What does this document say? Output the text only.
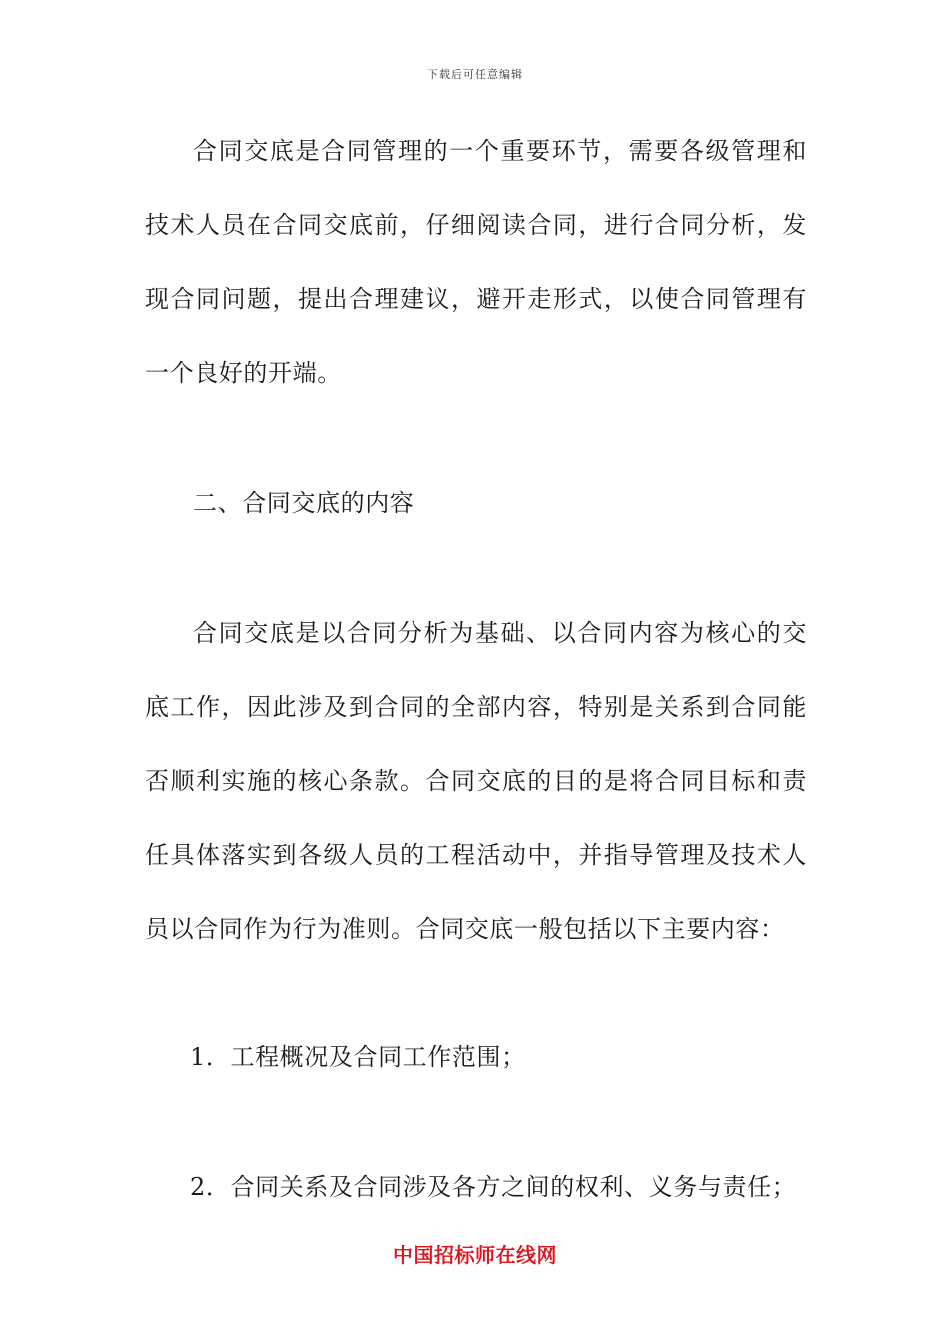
下载后可任意编辑

合同交底是合同管理的一个重要环节，需要各级管理和技术人员在合同交底前，仔细阅读合同，进行合同分析，发现合同问题，提出合理建议，避开走形式，以使合同管理有一个良好的开端。

二、合同交底的内容

合同交底是以合同分析为基础、以合同内容为核心的交底工作，因此涉及到合同的全部内容，特别是关系到合同能否顺利实施的核心条款。合同交底的目的是将合同目标和责任具体落实到各级人员的工程活动中，并指导管理及技术人员以合同作为行为准则。合同交底一般包括以下主要内容：

1．工程概况及合同工作范围；

2．合同关系及合同涉及各方之间的权利、义务与责任；

中国招标师在线网
